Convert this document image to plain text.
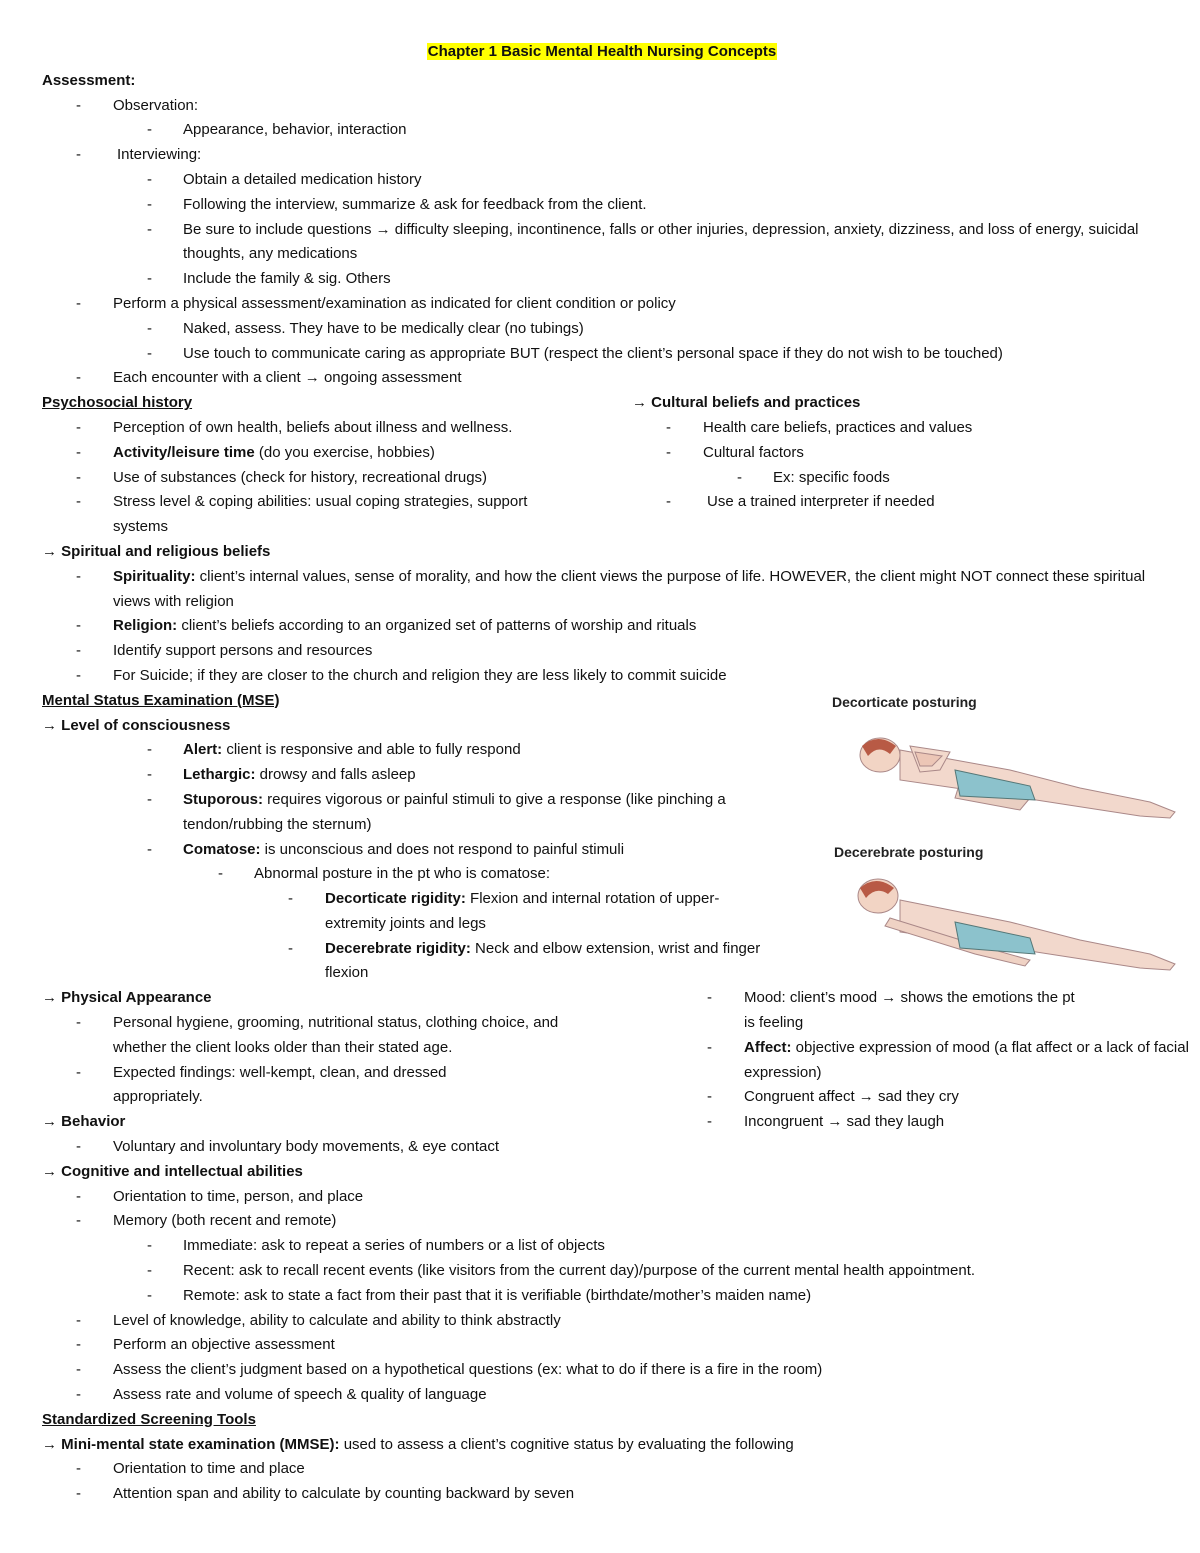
Chapter 1 Basic Mental Health Nursing Concepts
Assessment:
- Observation:
- Appearance, behavior, interaction
- Interviewing:
- Obtain a detailed medication history
- Following the interview, summarize & ask for feedback from the client.
- Be sure to include questions → difficulty sleeping, incontinence, falls or other injuries, depression, anxiety, dizziness, and loss of energy, suicidal thoughts, any medications
- Include the family & sig. Others
- Perform a physical assessment/examination as indicated for client condition or policy
- Naked, assess. They have to be medically clear (no tubings)
- Use touch to communicate caring as appropriate BUT (respect the client’s personal space if they do not wish to be touched)
- Each encounter with a client → ongoing assessment
Psychosocial history
- Perception of own health, beliefs about illness and wellness.
- Activity/leisure time (do you exercise, hobbies)
- Use of substances (check for history, recreational drugs)
- Stress level & coping abilities: usual coping strategies, support systems
→ Cultural beliefs and practices
- Health care beliefs, practices and values
- Cultural factors
- Ex: specific foods
- Use a trained interpreter if needed
→ Spiritual and religious beliefs
- Spirituality: client’s internal values, sense of morality, and how the client views the purpose of life. HOWEVER, the client might NOT connect these spiritual views with religion
- Religion: client’s beliefs according to an organized set of patterns of worship and rituals
- Identify support persons and resources
- For Suicide; if they are closer to the church and religion they are less likely to commit suicide
Mental Status Examination (MSE)
→ Level of consciousness
- Alert: client is responsive and able to fully respond
- Lethargic: drowsy and falls asleep
- Stuporous: requires vigorous or painful stimuli to give a response (like pinching a tendon/rubbing the sternum)
- Comatose: is unconscious and does not respond to painful stimuli
- Abnormal posture in the pt who is comatose:
- Decorticate rigidity: Flexion and internal rotation of upper-extremity joints and legs
- Decerebrate rigidity: Neck and elbow extension, wrist and finger flexion
→ Physical Appearance
- Personal hygiene, grooming, nutritional status, clothing choice, and whether the client looks older than their stated age.
- Expected findings: well-kempt, clean, and dressed appropriately.
→ Behavior
- Voluntary and involuntary body movements, & eye contact
- Mood: client’s mood → shows the emotions the pt is feeling
- Affect: objective expression of mood (a flat affect or a lack of facial expression)
- Congruent affect → sad they cry
- Incongruent → sad they laugh
→ Cognitive and intellectual abilities
- Orientation to time, person, and place
- Memory (both recent and remote)
- Immediate: ask to repeat a series of numbers or a list of objects
- Recent: ask to recall recent events (like visitors from the current day)/purpose of the current mental health appointment.
- Remote: ask to state a fact from their past that it is verifiable (birthdate/mother’s maiden name)
- Level of knowledge, ability to calculate and ability to think abstractly
- Perform an objective assessment
- Assess the client’s judgment based on a hypothetical questions (ex: what to do if there is a fire in the room)
- Assess rate and volume of speech & quality of language
Standardized Screening Tools
→ Mini-mental state examination (MMSE): used to assess a client’s cognitive status by evaluating the following
- Orientation to time and place
- Attention span and ability to calculate by counting backward by seven
Decorticate posturing
Decerebrate posturing
